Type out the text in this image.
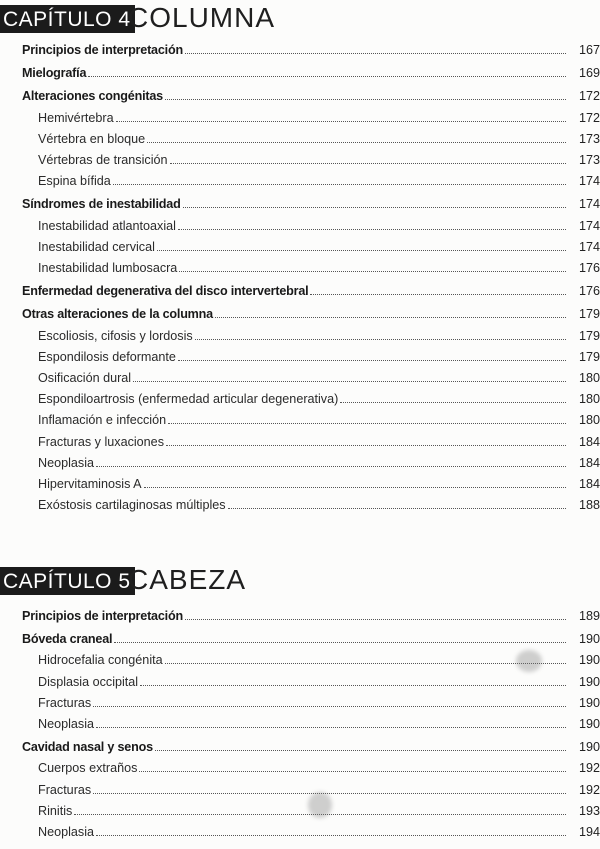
CAPÍTULO 4
COLUMNA
Principios de interpretación	167
Mielografía	169
Alteraciones congénitas	172
Hemivértebra	172
Vértebra en bloque	173
Vértebras de transición	173
Espina bífida	174
Síndromes de inestabilidad	174
Inestabilidad atlantoaxial	174
Inestabilidad cervical	174
Inestabilidad lumbosacra	176
Enfermedad degenerativa del disco intervertebral	176
Otras alteraciones de la columna	179
Escoliosis, cifosis y lordosis	179
Espondilosis deformante	179
Osificación dural	180
Espondiloartrosis (enfermedad articular degenerativa)	180
Inflamación e infección	180
Fracturas y luxaciones	184
Neoplasia	184
Hipervitaminosis A	184
Exóstosis cartilaginosas múltiples	188
CAPÍTULO 5
CABEZA
Principios de interpretación	189
Bóveda craneal	190
Hidrocefalia congénita	190
Displasia occipital	190
Fracturas	190
Neoplasia	190
Cavidad nasal y senos	190
Cuerpos extraños	192
Fracturas	192
Rinitis	193
Neoplasia	194
